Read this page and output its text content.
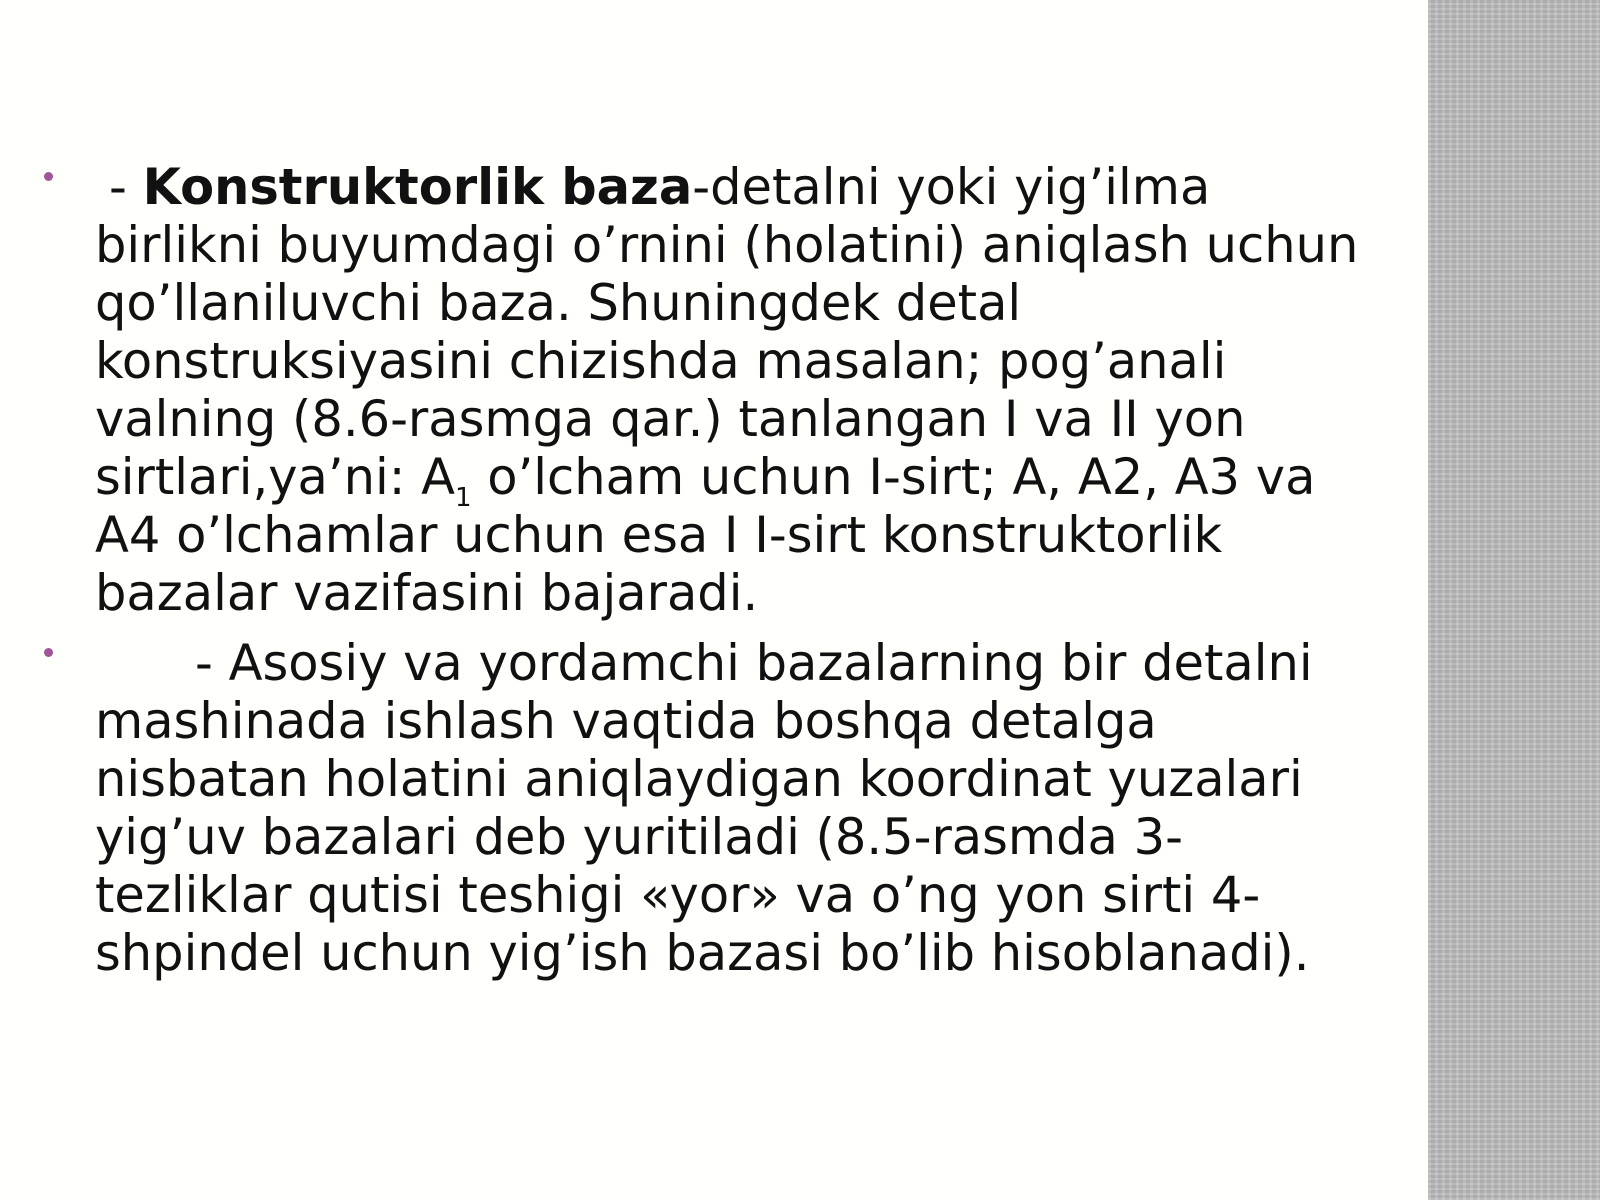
- Konstruktorlik baza-detalni yoki yig’ilma birlikni buyumdagi o’rnini (holatini) aniqlash uchun qo’llaniluvchi baza. Shuningdek detal konstruksiyasini chizishda masalan; pog’anali valning (8.6-rasmga qar.) tanlangan I va II yon sirtlari,ya’ni: $A_1$ o’lcham uchun I-sirt; A, A2, A3 va A4 o’lchamlar uchun esa I I-sirt konstruktorlik bazalar vazifasini bajaradi.
- Asosiy va yordamchi bazalarning bir detalni mashinada ishlash vaqtida boshqa detalga nisbatan holatini aniqlaydigan koordinat yuzalari yig’uv bazalari deb yuritiladi (8.5-rasmda 3-tezliklar qutisi teshigi «yor» va o’ng yon sirti 4-shpindel uchun yig’ish bazasi bo’lib hisoblanadi).
